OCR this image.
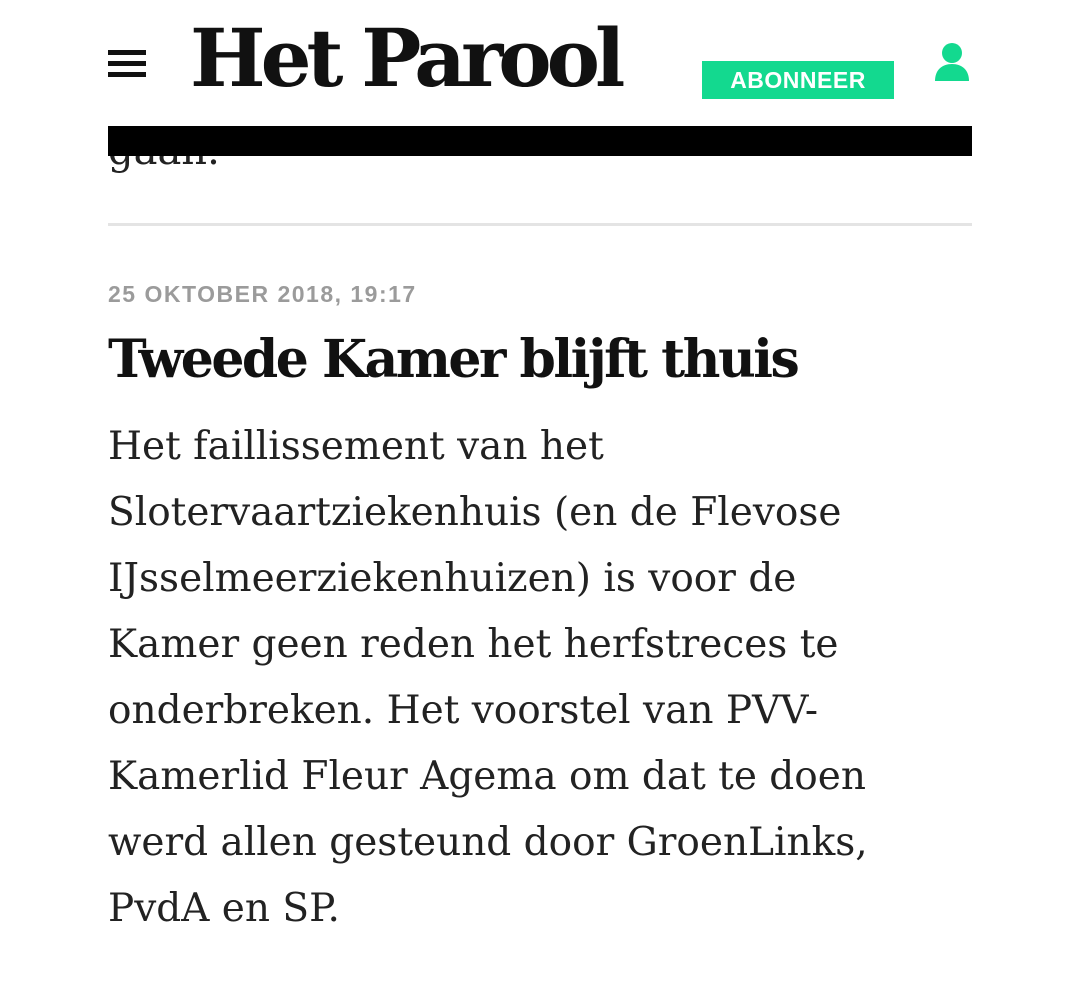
Het Parool	ABONNEER
25 OKTOBER 2018, 19:17
Tweede Kamer blijft thuis

Het faillissement van het
Slotervaartziekenhuis (en de Flevose
IJsselmeerziekenhuizen) is voor de
Kamer geen reden het herfstreces te
onderbreken. Het voorstel van PVV-
Kamerlid Fleur Agema om dat te doen
werd allen gesteund door GroenLinks,
PvdA en SP.
